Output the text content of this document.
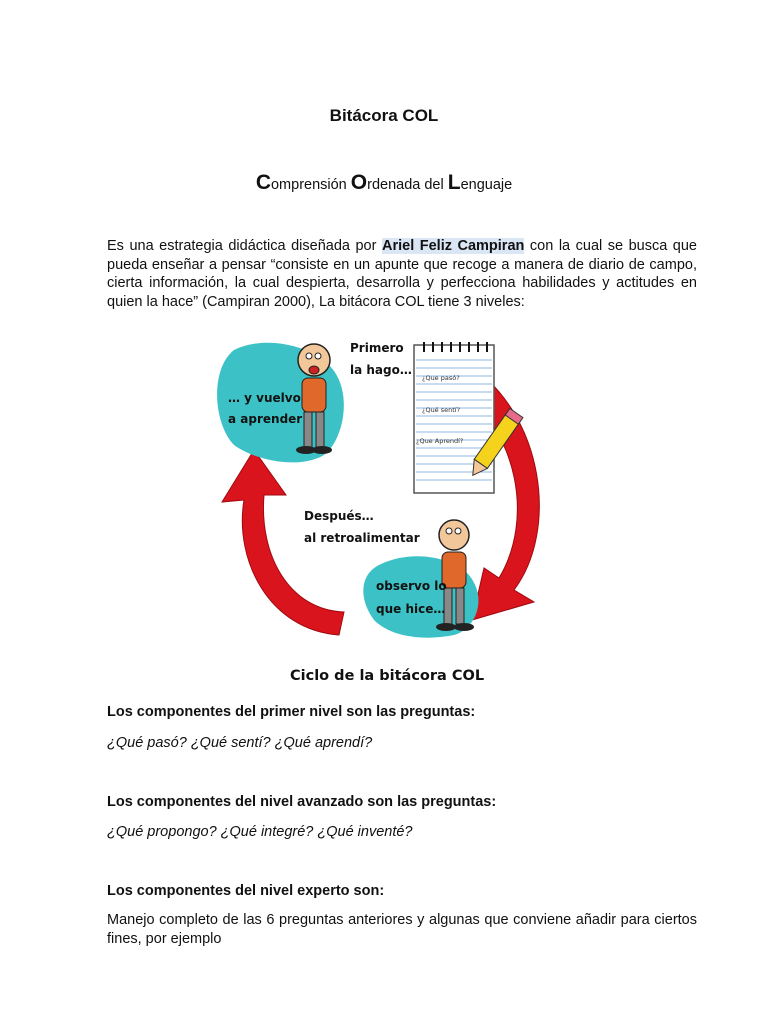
Bitácora COL
Comprensión Ordenada del Lenguaje
Es una estrategia didáctica diseñada por Ariel Feliz Campiran con la cual se busca que pueda enseñar a pensar “consiste en un apunte que recoge a manera de diario de campo, cierta información, la cual despierta, desarrolla y perfecciona habilidades y actitudes en quien la hace” (Campiran 2000), La bitácora COL tiene 3 niveles:
¿Que pasó?
¿Qué sentí?
¿Que Aprendí?
Primero
la hago…
… y vuelvo
a aprender
Después…
al retroalimentar
observo lo
que hice…
Ciclo de la bitácora COL
Los componentes del primer nivel son las preguntas:
¿Qué pasó? ¿Qué sentí? ¿Qué aprendí?
Los componentes del nivel avanzado son las preguntas:
¿Qué propongo? ¿Qué integré? ¿Qué inventé?
Los componentes del nivel experto son:
Manejo completo de las 6 preguntas anteriores y algunas que conviene añadir para ciertos fines, por ejemplo
